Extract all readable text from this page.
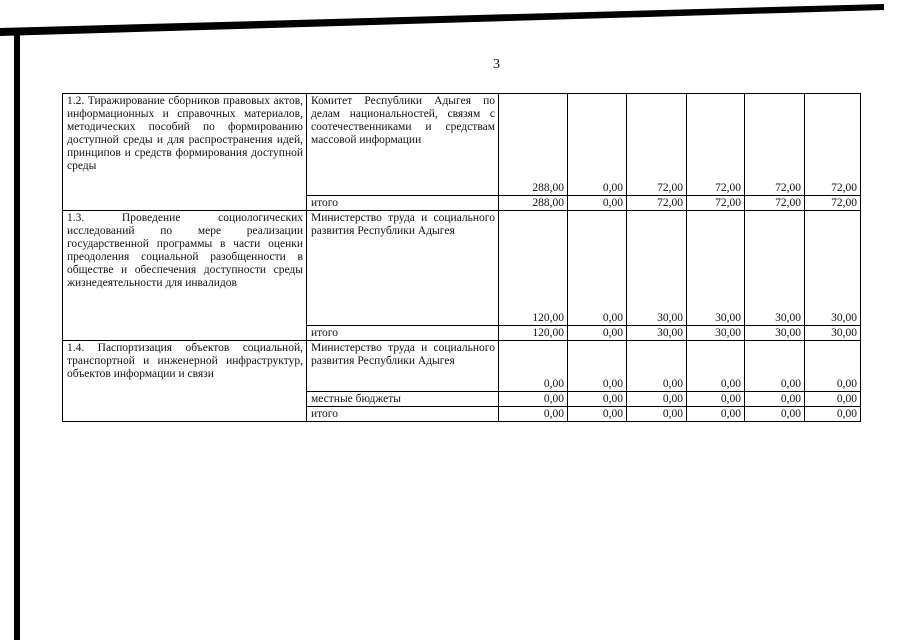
3
1.2. Тиражирование сборников правовых актов, информационных и справочных материалов, методических пособий по формированию доступной среды и для распространения идей, принципов и средств формирования доступной среды	Комитет Республики Адыгея по делам национальностей, связям с соотечественниками и средствам массовой информации	288,00	0,00	72,00	72,00	72,00	72,00
	итого	288,00	0,00	72,00	72,00	72,00	72,00
1.3. Проведение социологических исследований по мере реализации государственной программы в части оценки преодоления социальной разобщенности в обществе и обеспечения доступности среды жизнедеятельности для инвалидов	Министерство труда и социального развития Республики Адыгея	120,00	0,00	30,00	30,00	30,00	30,00
	итого	120,00	0,00	30,00	30,00	30,00	30,00
1.4. Паспортизация объектов социальной, транспортной и инженерной инфраструктур, объектов информации и связи	Министерство труда и социального развития Республики Адыгея	0,00	0,00	0,00	0,00	0,00	0,00
	местные бюджеты	0,00	0,00	0,00	0,00	0,00	0,00
	итого	0,00	0,00	0,00	0,00	0,00	0,00
